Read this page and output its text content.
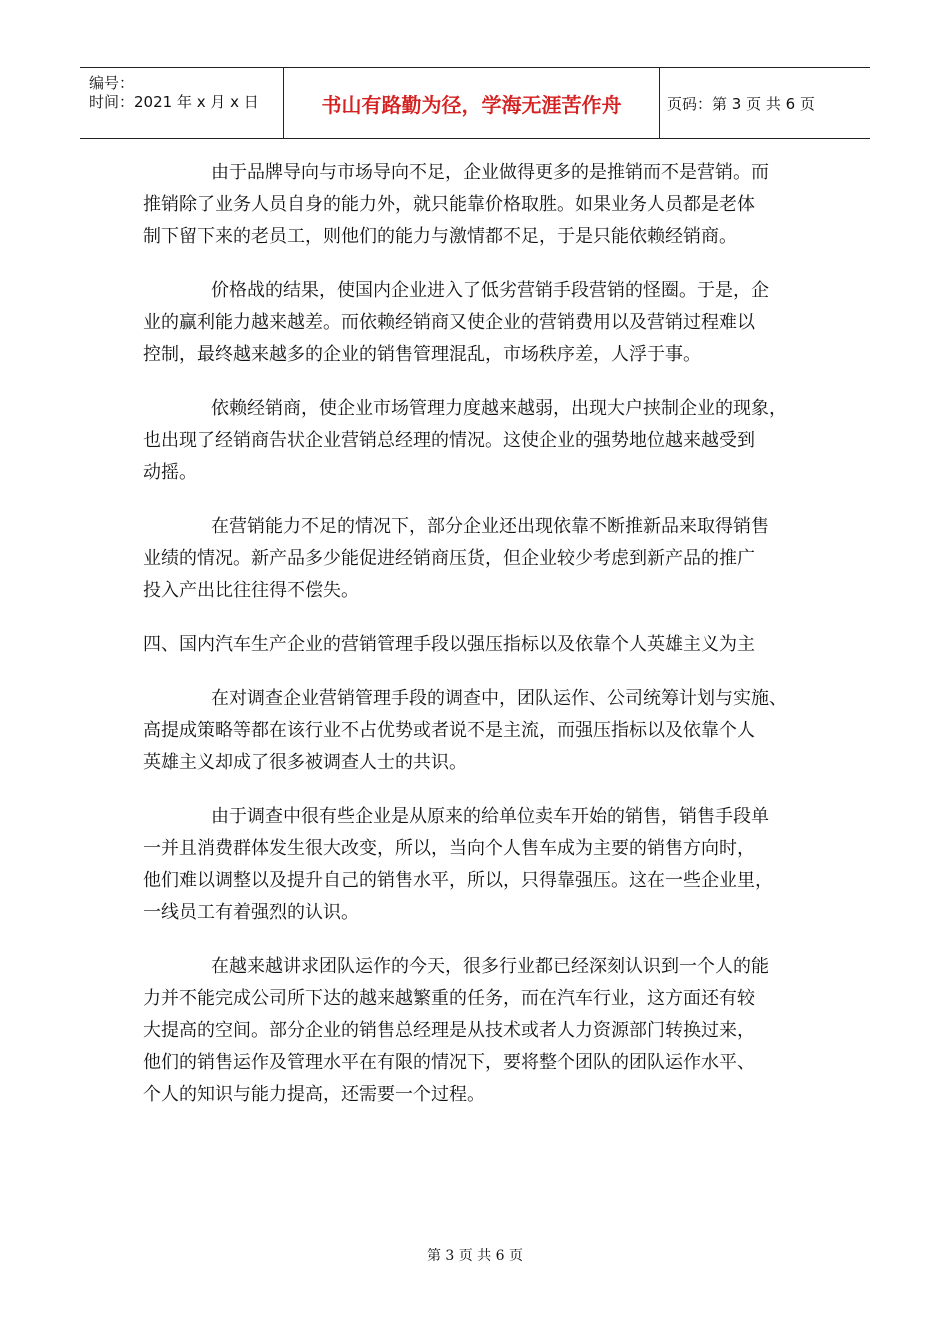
编号：
时间：2021 年 x 月 x 日	书山有路勤为径，学海无涯苦作舟	页码：第 3 页 共 6 页
由于品牌导向与市场导向不足，企业做得更多的是推销而不是营销。而
推销除了业务人员自身的能力外，就只能靠价格取胜。如果业务人员都是老体
制下留下来的老员工，则他们的能力与激情都不足，于是只能依赖经销商。
价格战的结果，使国内企业进入了低劣营销手段营销的怪圈。于是，企
业的赢利能力越来越差。而依赖经销商又使企业的营销费用以及营销过程难以
控制，最终越来越多的企业的销售管理混乱，市场秩序差，人浮于事。
依赖经销商，使企业市场管理力度越来越弱，出现大户挟制企业的现象，
也出现了经销商告状企业营销总经理的情况。这使企业的强势地位越来越受到
动摇。
在营销能力不足的情况下，部分企业还出现依靠不断推新品来取得销售
业绩的情况。新产品多少能促进经销商压货，但企业较少考虑到新产品的推广
投入产出比往往得不偿失。
四、国内汽车生产企业的营销管理手段以强压指标以及依靠个人英雄主义为主
在对调查企业营销管理手段的调查中，团队运作、公司统筹计划与实施、
高提成策略等都在该行业不占优势或者说不是主流，而强压指标以及依靠个人
英雄主义却成了很多被调查人士的共识。
由于调查中很有些企业是从原来的给单位卖车开始的销售，销售手段单
一并且消费群体发生很大改变，所以，当向个人售车成为主要的销售方向时，
他们难以调整以及提升自己的销售水平，所以，只得靠强压。这在一些企业里，
一线员工有着强烈的认识。
在越来越讲求团队运作的今天，很多行业都已经深刻认识到一个人的能
力并不能完成公司所下达的越来越繁重的任务，而在汽车行业，这方面还有较
大提高的空间。部分企业的销售总经理是从技术或者人力资源部门转换过来，
他们的销售运作及管理水平在有限的情况下，要将整个团队的团队运作水平、
个人的知识与能力提高，还需要一个过程。
第 3 页 共 6 页
